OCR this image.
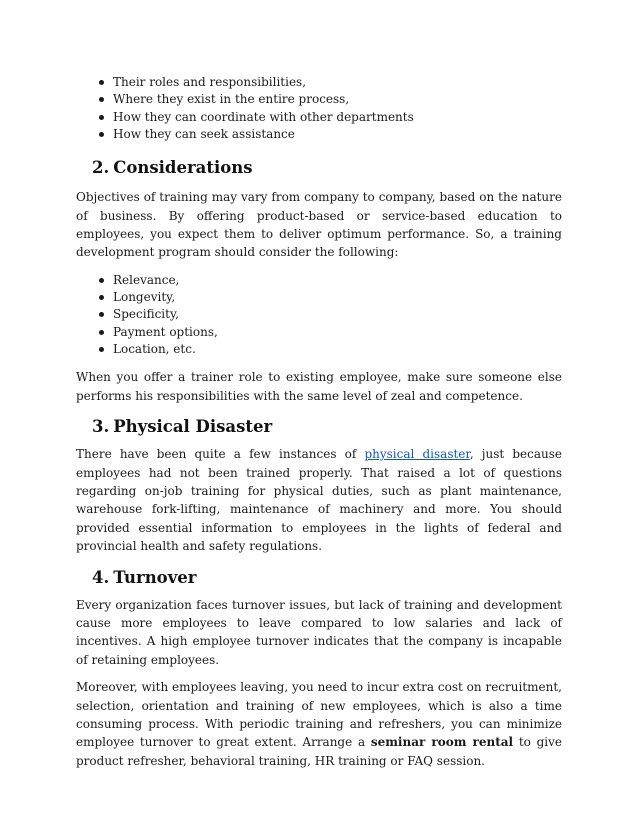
Their roles and responsibilities,
Where they exist in the entire process,
How they can coordinate with other departments
How they can seek assistance
2. Considerations

Objectives of training may vary from company to company, based on the nature of business. By offering product-based or service-based education to employees, you expect them to deliver optimum performance. So, a training development program should consider the following:

Relevance,
Longevity,
Specificity,
Payment options,
Location, etc.

When you offer a trainer role to existing employee, make sure someone else performs his responsibilities with the same level of zeal and competence.

3. Physical Disaster

There have been quite a few instances of physical disaster, just because employees had not been trained properly. That raised a lot of questions regarding on-job training for physical duties, such as plant maintenance, warehouse fork-lifting, maintenance of machinery and more. You should provided essential information to employees in the lights of federal and provincial health and safety regulations.

4. Turnover

Every organization faces turnover issues, but lack of training and development cause more employees to leave compared to low salaries and lack of incentives. A high employee turnover indicates that the company is incapable of retaining employees.

Moreover, with employees leaving, you need to incur extra cost on recruitment, selection, orientation and training of new employees, which is also a time consuming process. With periodic training and refreshers, you can minimize employee turnover to great extent. Arrange a seminar room rental to give product refresher, behavioral training, HR training or FAQ session.
